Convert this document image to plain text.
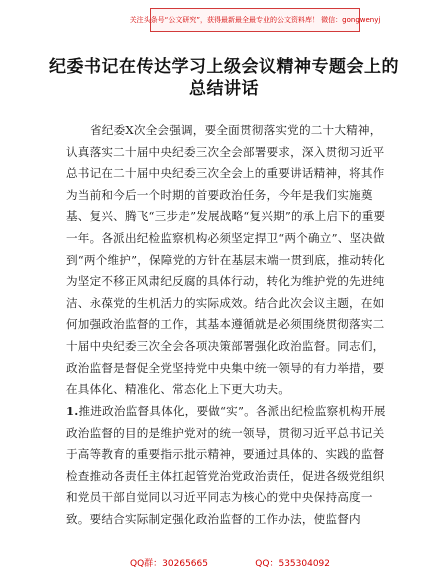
关注头条号“公文研究”，获得最新最全最专业的公文资料库！ 微信：gongwenyj
纪委书记在传达学习上级会议精神专题会上的
总结讲话
省纪委X次全会强调，要全面贯彻落实党的二十大精神，认真落实二十届中央纪委三次全会部署要求，深入贯彻习近平总书记在二十届中央纪委三次全会上的重要讲话精神，将其作为当前和今后一个时期的首要政治任务，今年是我们实施奠基、复兴、腾飞“三步走”发展战略“复兴期”的承上启下的重要一年。各派出纪检监察机构必须坚定捍卫“两个确立”、坚决做到“两个维护”，保障党的方针在基层末端一贯到底，推动转化为坚定不移正风肃纪反腐的具体行动，转化为维护党的先进纯洁、永葆党的生机活力的实际成效。结合此次会议主题，在如何加强政治监督的工作，其基本遵循就是必须围绕贯彻落实二十届中央纪委三次全会各项决策部署强化政治监督。同志们，政治监督是督促全党坚持党中央集中统一领导的有力举措，要在具体化、精准化、常态化上下更大功夫。
1.推进政治监督具体化，要做“实”。各派出纪检监察机构开展政治监督的目的是维护党对的统一领导，贯彻习近平总书记关于高等教育的重要指示批示精神，要通过具体的、实践的监督检查推动各责任主体扛起管党治党政治责任，促进各级党组织和党员干部自觉同以习近平同志为核心的党中央保持高度一致。要结合实际制定强化政治监督的工作办法，使监督内
QQ群：30265665	QQ：535304092
